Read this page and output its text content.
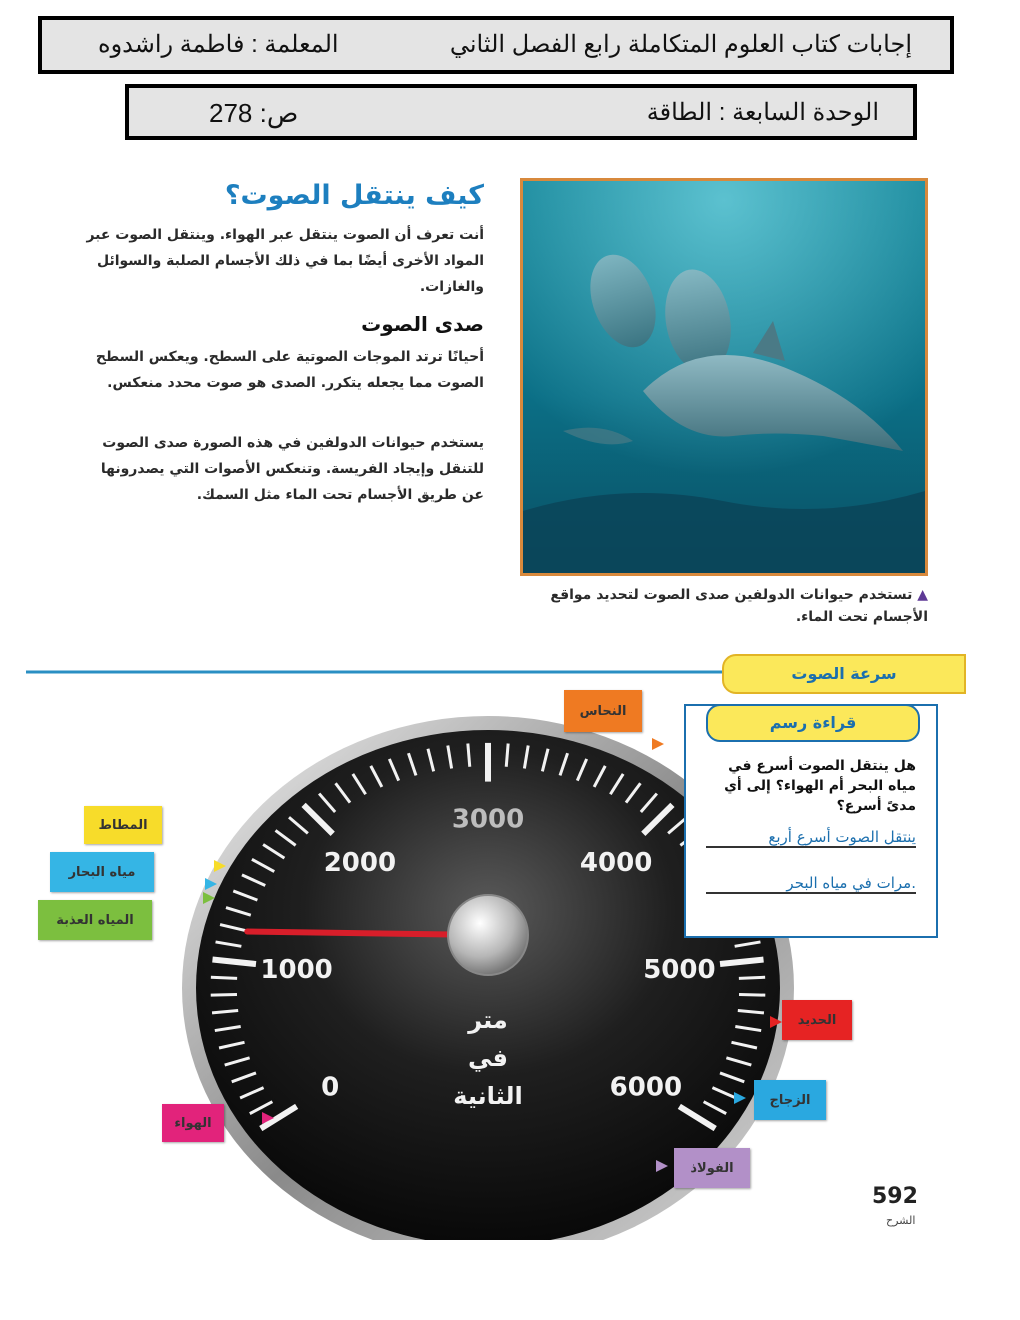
إجابات كتاب العلوم المتكاملة رابع الفصل الثاني
المعلمة : فاطمة راشدوه
الوحدة السابعة : الطاقة
ص: 278
كيف ينتقل الصوت؟
أنت تعرف أن الصوت ينتقل عبر الهواء. وينتقل الصوت عبر المواد الأخرى أيضًا بما في ذلك الأجسام الصلبة والسوائل والغازات.
صدى الصوت
أحيانًا ترتد الموجات الصوتية على السطح. ويعكس السطح الصوت مما يجعله يتكرر. الصدى هو صوت محدد منعكس.
يستخدم حيوانات الدولفين في هذه الصورة صدى الصوت للتنقل وإيجاد الفريسة. وتنعكس الأصوات التي يصدرونها عن طريق الأجسام تحت الماء مثل السمك.
▲ تستخدم حيوانات الدولفين صدى الصوت لتحديد مواقع الأجسام تحت الماء.
0
1000
2000
3000
4000
5000
6000
متر
في
الثانية
المطاط
مياه البحار
المياه العذبة
الهواء
النحاس
الحديد
الزجاج
الفولاذ
سرعة الصوت
قراءة رسم
هل ينتقل الصوت أسرع في مياه البحر أم الهواء؟ إلى أي مدىً أسرع؟
ينتقل الصوت أسرع أربع
مرات في مياه البحر.
592
الشرح
